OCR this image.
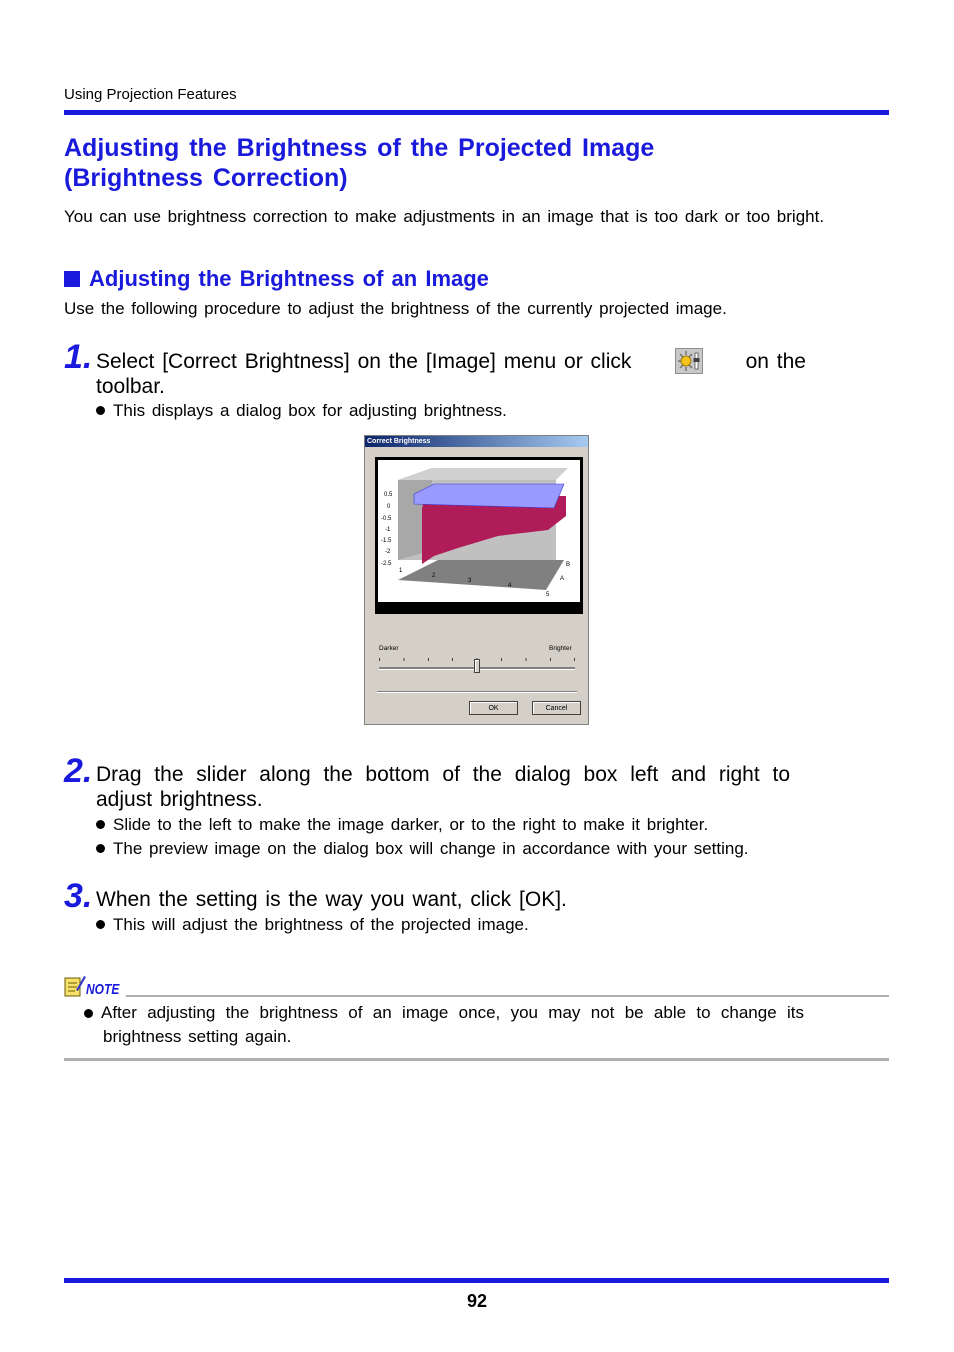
Using Projection Features
Adjusting the Brightness of the Projected Image
(Brightness Correction)
You can use brightness correction to make adjustments in an image that is too dark or too bright.
Adjusting the Brightness of an Image
Use the following procedure to adjust the brightness of the currently projected image.
1. Select [Correct Brightness] on the [Image] menu or click	on the
toolbar.
This displays a dialog box for adjusting brightness.
Correct Brightness
0.5
0
-0.5
-1
-1.5
-2
-2.5
1
2
3
4
5
B
A
Darker	Brighter
OK	Cancel
2. Drag the slider along the bottom of the dialog box left and right to
adjust brightness.
Slide to the left to make the image darker, or to the right to make it brighter.
The preview image on the dialog box will change in accordance with your setting.
3. When the setting is the way you want, click [OK].
This will adjust the brightness of the projected image.
NOTE
After adjusting the brightness of an image once, you may not be able to change its
brightness setting again.
92
